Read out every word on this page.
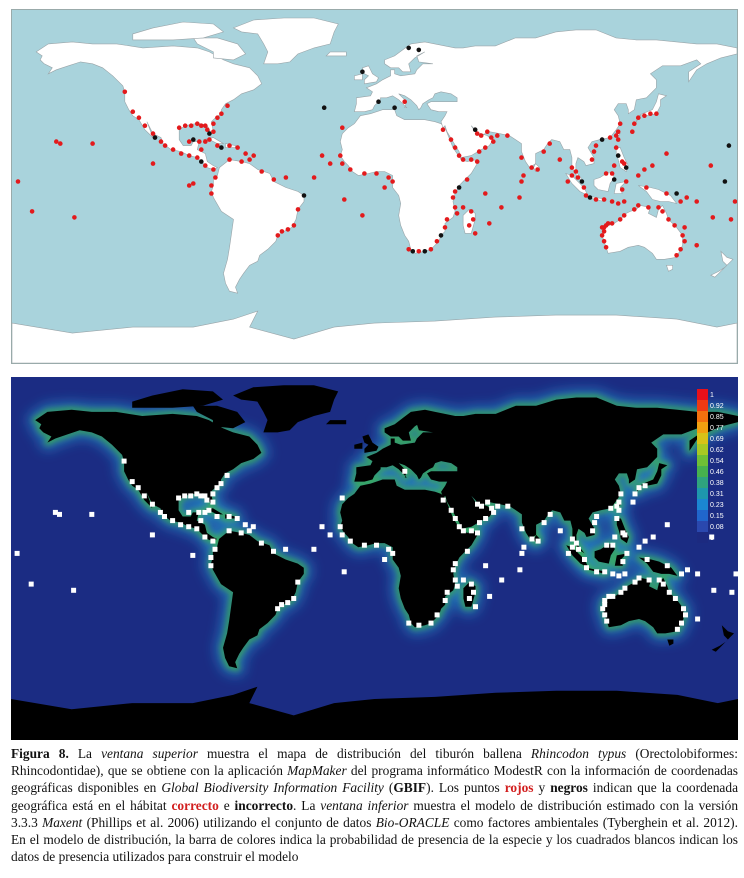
1
0.92
0.85
0.77
0.69
0.62
0.54
0.46
0.38
0.31
0.23
0.15
0.08
0
Figura 8. La ventana superior muestra el mapa de distribución del tiburón ballena Rhincodon typus (Orectolobiformes: Rhincodontidae), que se obtiene con la aplicación MapMaker del programa informático ModestR con la información de coordenadas geográficas disponibles en Global Biodiversity Information Facility (GBIF). Los puntos rojos y negros indican que la coordenada geográfica está en el hábitat correcto e incorrecto. La ventana inferior muestra el modelo de distribución estimado con la versión 3.3.3 Maxent (Phillips et al. 2006) utilizando el conjunto de datos Bio-ORACLE como factores ambientales (Tyberghein et al. 2012). En el modelo de distribución, la barra de colores indica la probabilidad de presencia de la especie y los cuadrados blancos indican los datos de presencia utilizados para construir el modelo
